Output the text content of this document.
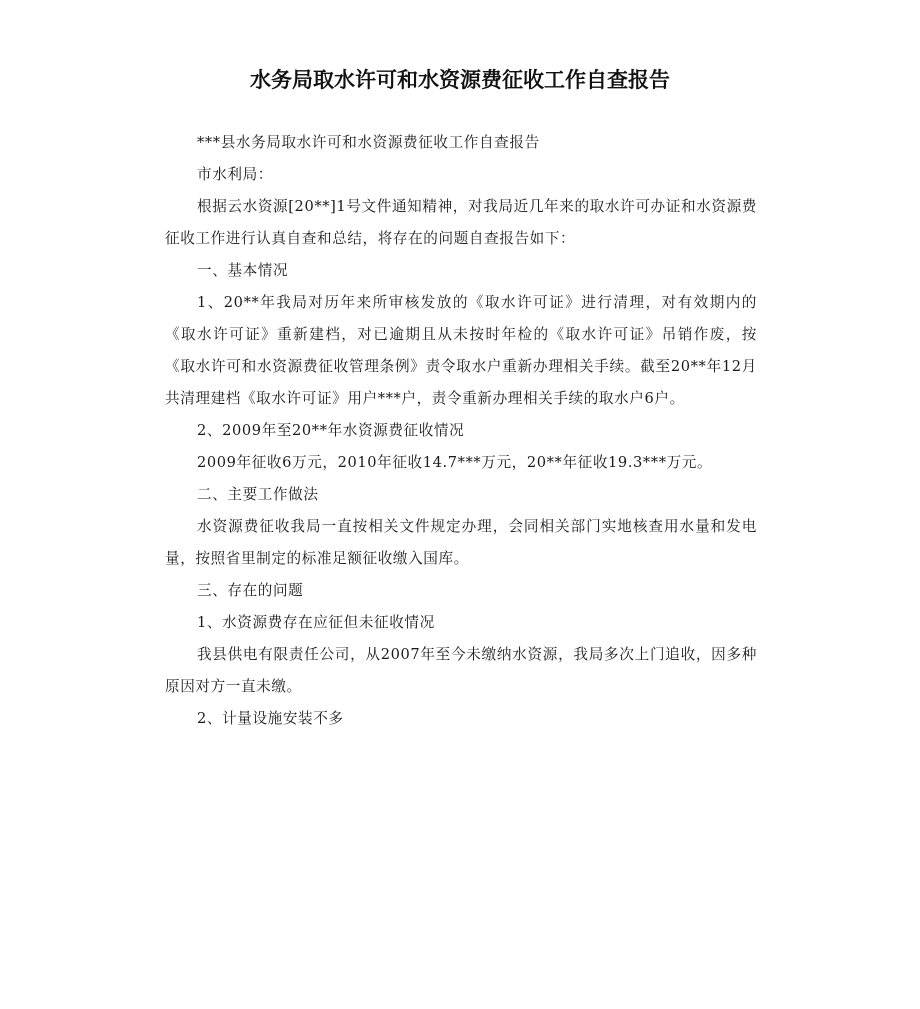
水务局取水许可和水资源费征收工作自查报告

***县水务局取水许可和水资源费征收工作自查报告

市水利局：

根据云水资源[20**]1号文件通知精神，对我局近几年来的取水许可办证和水资源费征收工作进行认真自查和总结，将存在的问题自查报告如下：

一、基本情况

1、20**年我局对历年来所审核发放的《取水许可证》进行清理，对有效期内的《取水许可证》重新建档，对已逾期且从未按时年检的《取水许可证》吊销作废，按《取水许可和水资源费征收管理条例》责令取水户重新办理相关手续。截至20**年12月共清理建档《取水许可证》用户***户，责令重新办理相关手续的取水户6户。

2、2009年至20**年水资源费征收情况

2009年征收6万元，2010年征收14.7***万元，20**年征收19.3***万元。

二、主要工作做法

水资源费征收我局一直按相关文件规定办理，会同相关部门实地核查用水量和发电量，按照省里制定的标准足额征收缴入国库。

三、存在的问题

1、水资源费存在应征但未征收情况

我县供电有限责任公司，从2007年至今未缴纳水资源，我局多次上门追收，因多种原因对方一直未缴。

2、计量设施安装不多
